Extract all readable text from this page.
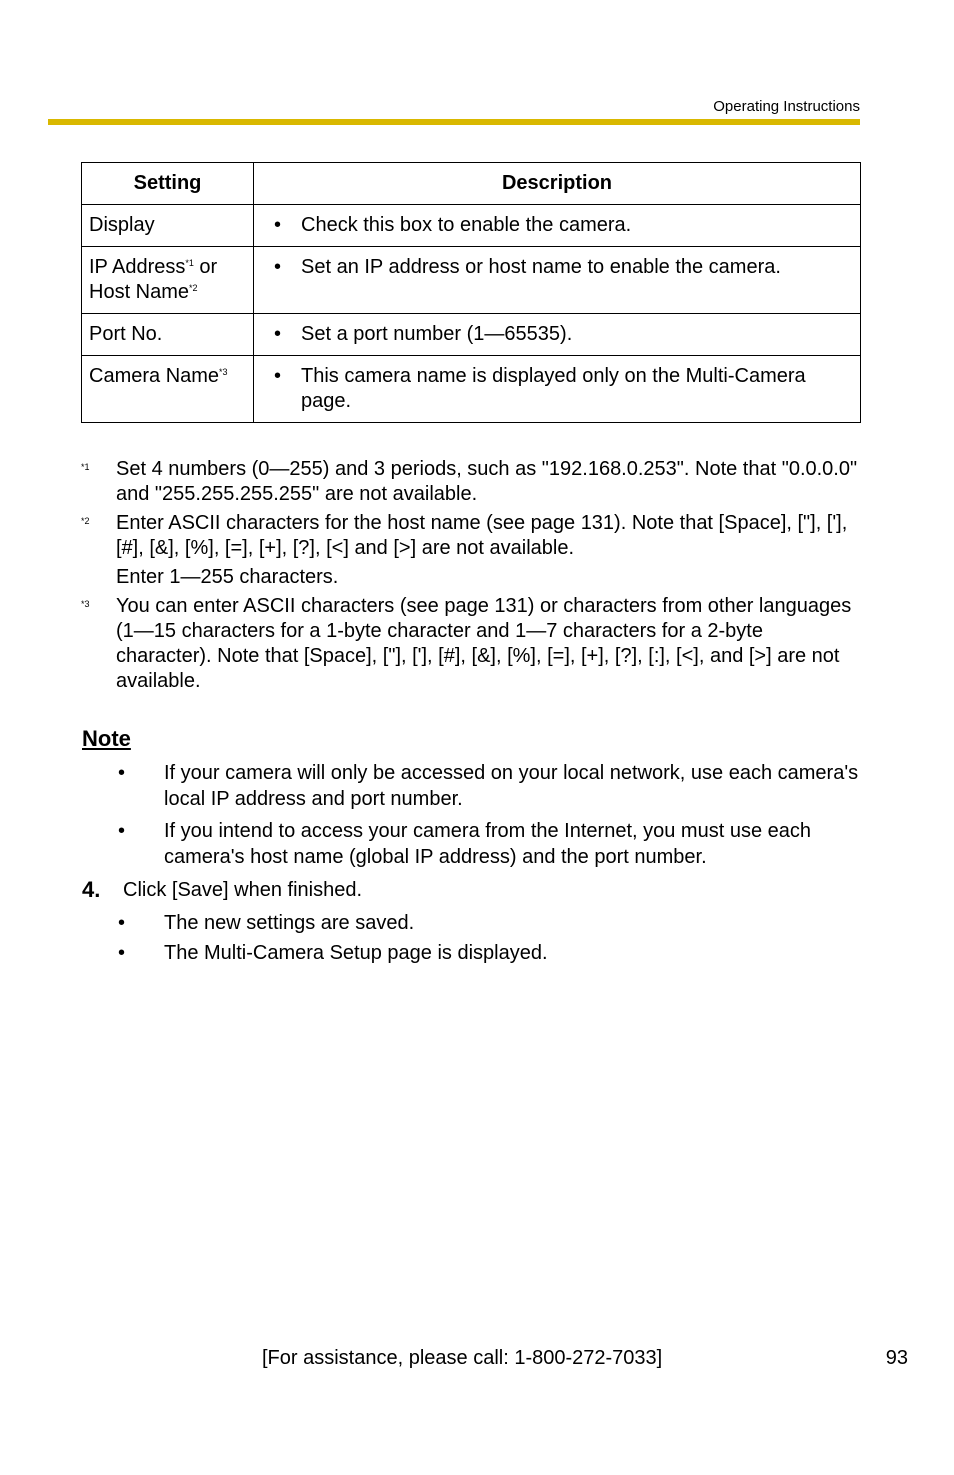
Operating Instructions
Setting	Description
Display	• Check this box to enable the camera.

IP Address$^{*1}$ or
Host Name$^{*2}$	• Set an IP address or host name to enable the camera.

Port No.	• Set a port number (1—65535).

Camera Name$^{*3}$	• This camera name is displayed only on the Multi-Camera page.
*1	Set 4 numbers (0—255) and 3 periods, such as "192.168.0.253". Note that "0.0.0.0" and "255.255.255.255" are not available.
*2	Enter ASCII characters for the host name (see page 131). Note that [Space], ["], ['], [#], [&], [%], [=], [+], [?], [<] and [>] are not available.
Enter 1—255 characters.
*3	You can enter ASCII characters (see page 131) or characters from other languages (1—15 characters for a 1-byte character and 1—7 characters for a 2-byte character). Note that [Space], ["], ['], [#], [&], [%], [=], [+], [?], [:], [<], and [>] are not available.
Note
•	If your camera will only be accessed on your local network, use each camera's local IP address and port number.
•	If you intend to access your camera from the Internet, you must use each camera's host name (global IP address) and the port number.
4.	Click [Save] when finished.
•	The new settings are saved.
•	The Multi-Camera Setup page is displayed.
[For assistance, please call: 1-800-272-7033]	93
